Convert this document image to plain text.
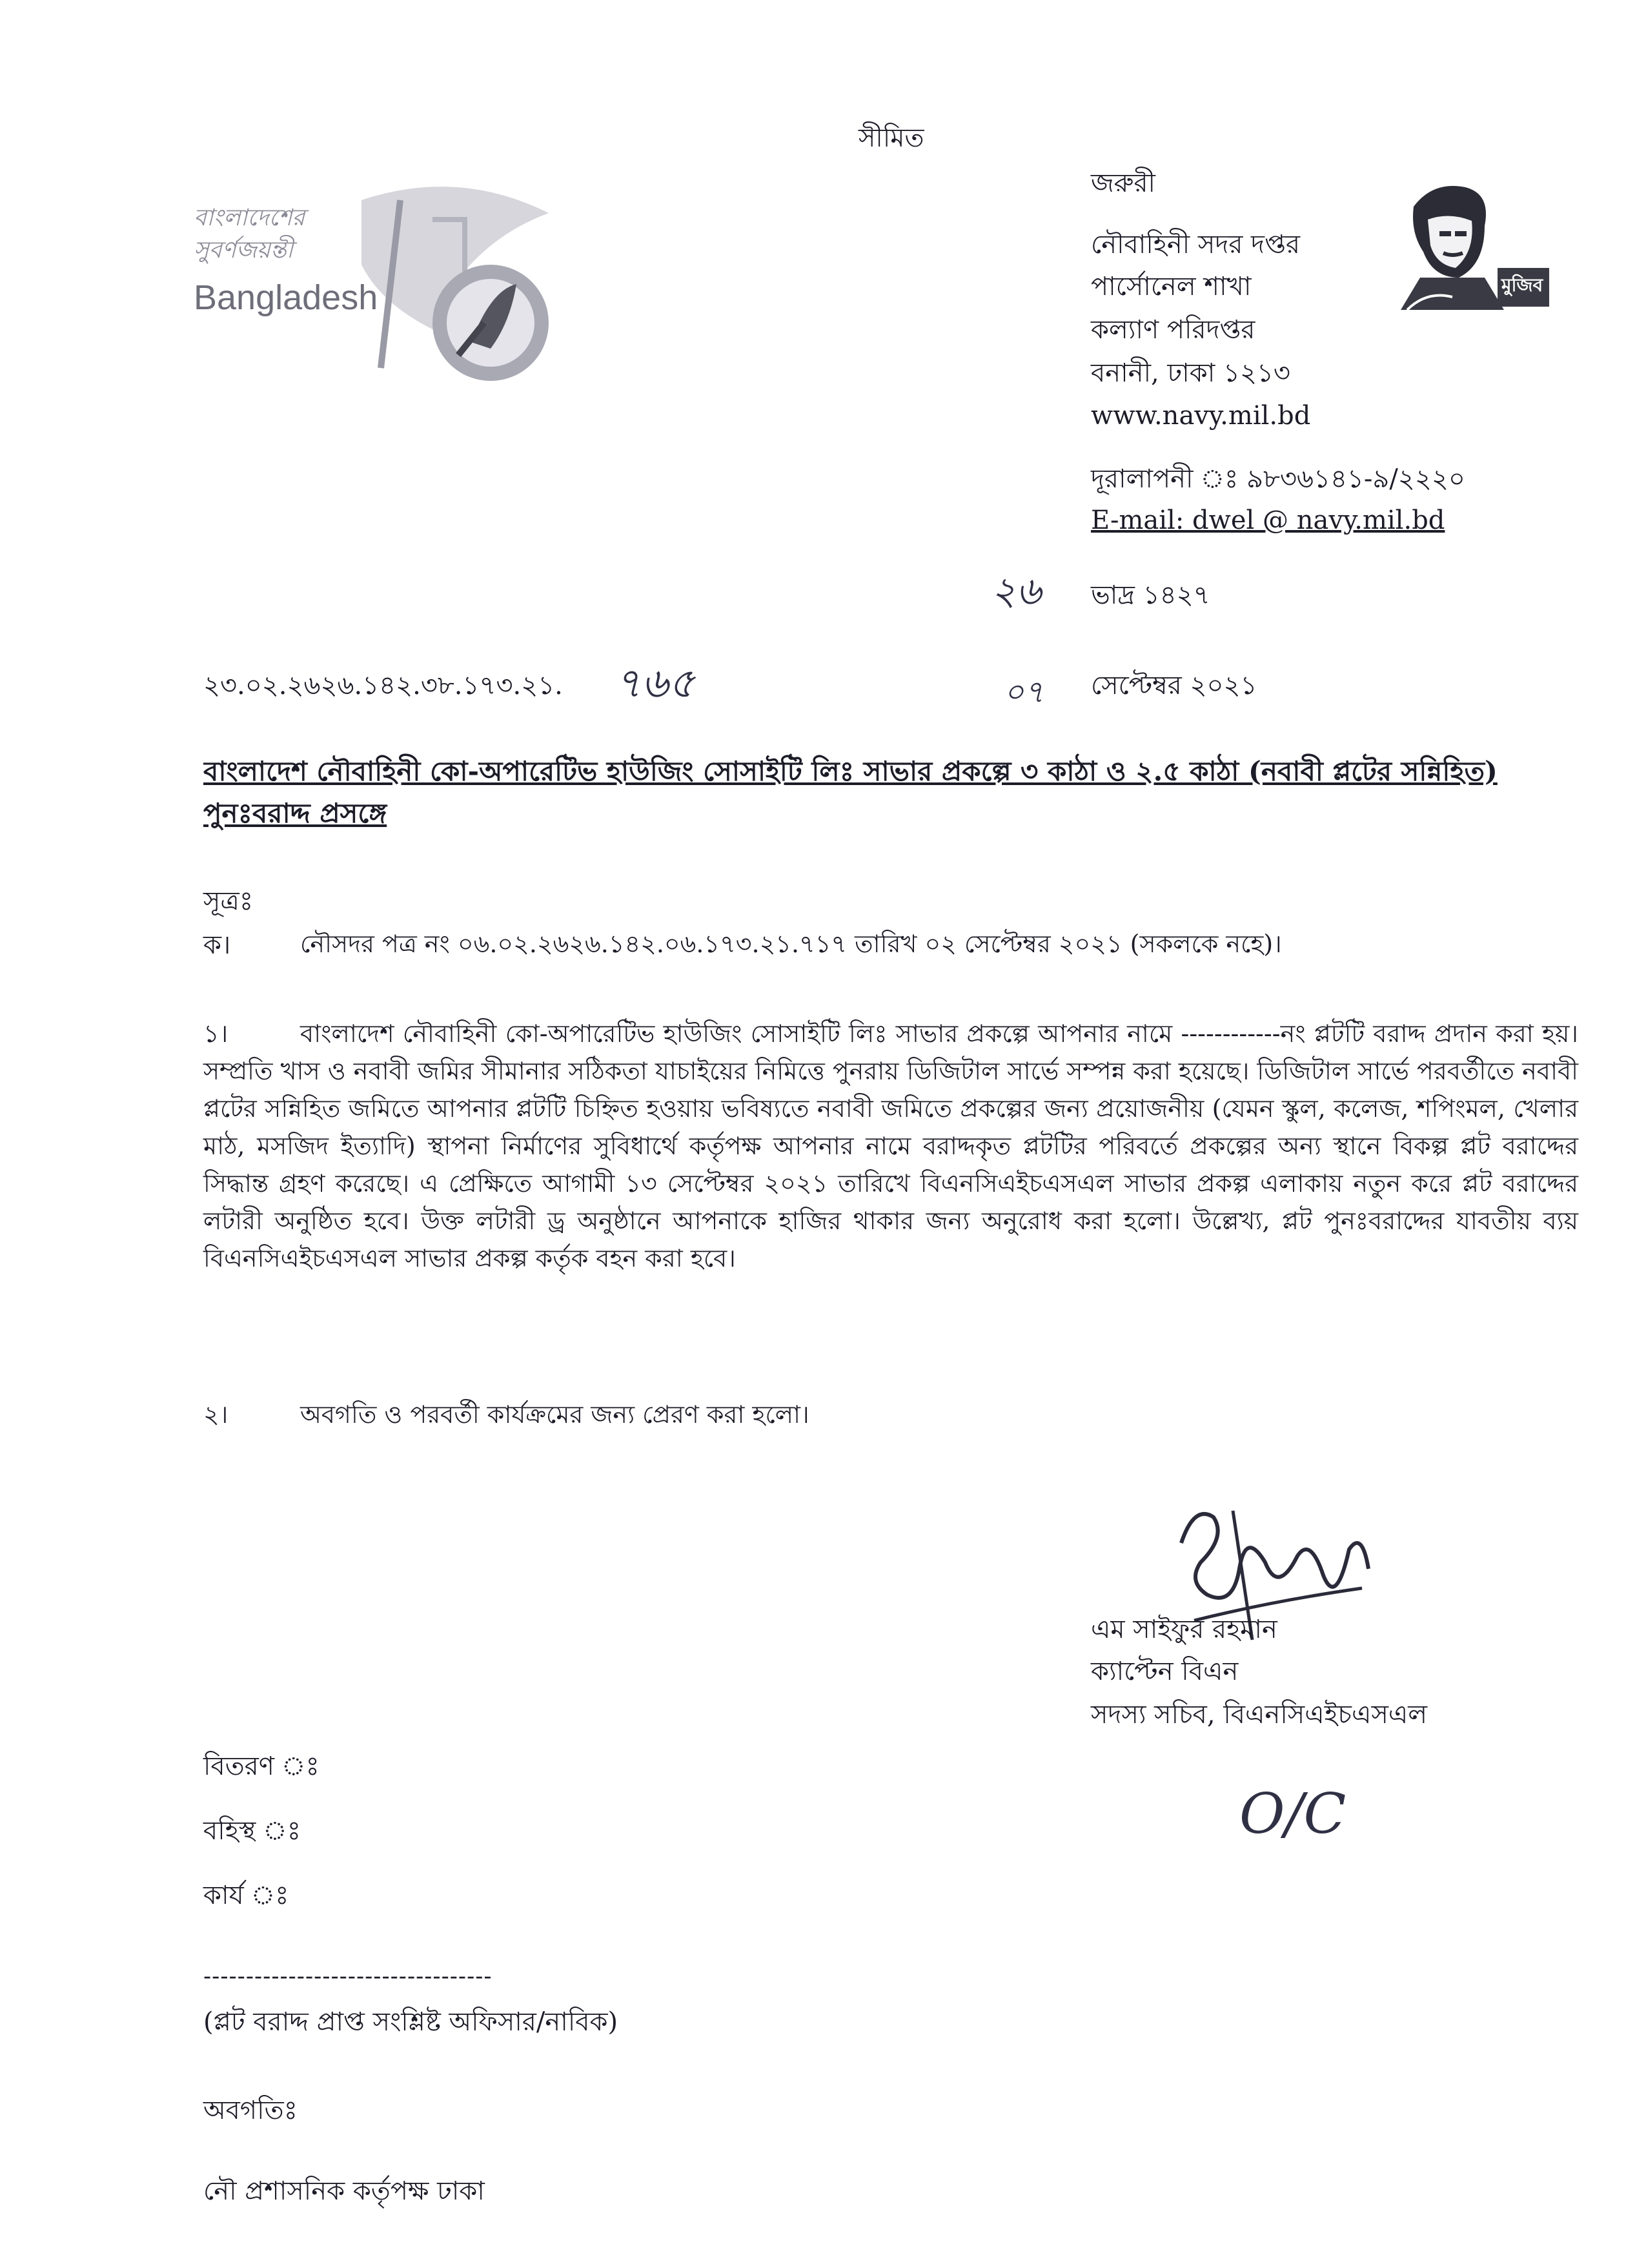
সীমিত
বাংলাদেশের
সুবর্ণজয়ন্তী
Bangladesh
জরুরী
নৌবাহিনী সদর দপ্তর
পার্সোনেল শাখা
কল্যাণ পরিদপ্তর
বনানী, ঢাকা ১২১৩
www.navy.mil.bd
দূরালাপনী ঃ ৯৮৩৬১৪১-৯/২২২০
E-mail: dwel @ navy.mil.bd
মুজিব
২৬ ভাদ্র ১৪২৭
২৩.০২.২৬২৬.১৪২.৩৮.১৭৩.২১. ৭৬৫	০৭ সেপ্টেম্বর ২০২১
বাংলাদেশ নৌবাহিনী কো-অপারেটিভ হাউজিং সোসাইটি লিঃ সাভার প্রকল্পে ৩ কাঠা ও ২.৫ কাঠা (নবাবী প্লটের সন্নিহিত)
পুনঃবরাদ্দ প্রসঙ্গে
সূত্রঃ
ক।	নৌসদর পত্র নং ০৬.০২.২৬২৬.১৪২.০৬.১৭৩.২১.৭১৭ তারিখ ০২ সেপ্টেম্বর ২০২১ (সকলকে নহে)।
১।	বাংলাদেশ নৌবাহিনী কো-অপারেটিভ হাউজিং সোসাইটি লিঃ সাভার প্রকল্পে আপনার নামে ------------নং প্লটটি বরাদ্দ প্রদান করা হয়। সম্প্রতি খাস ও নবাবী জমির সীমানার সঠিকতা যাচাইয়ের নিমিত্তে পুনরায় ডিজিটাল সার্ভে সম্পন্ন করা হয়েছে। ডিজিটাল সার্ভে পরবর্তীতে নবাবী প্লটের সন্নিহিত জমিতে আপনার প্লটটি চিহ্নিত হওয়ায় ভবিষ্যতে নবাবী জমিতে প্রকল্পের জন্য প্রয়োজনীয় (যেমন স্কুল, কলেজ, শপিংমল, খেলার মাঠ, মসজিদ ইত্যাদি) স্থাপনা নির্মাণের সুবিধার্থে কর্তৃপক্ষ আপনার নামে বরাদ্দকৃত প্লটটির পরিবর্তে প্রকল্পের অন্য স্থানে বিকল্প প্লট বরাদ্দের সিদ্ধান্ত গ্রহণ করেছে। এ প্রেক্ষিতে আগামী ১৩ সেপ্টেম্বর ২০২১ তারিখে বিএনসিএইচএসএল সাভার প্রকল্প এলাকায় নতুন করে প্লট বরাদ্দের লটারী অনুষ্ঠিত হবে। উক্ত লটারী ড্র অনুষ্ঠানে আপনাকে হাজির থাকার জন্য অনুরোধ করা হলো। উল্লেখ্য, প্লট পুনঃবরাদ্দের যাবতীয় ব্যয় বিএনসিএইচএসএল সাভার প্রকল্প কর্তৃক বহন করা হবে।
২।	অবগতি ও পরবর্তী কার্যক্রমের জন্য প্রেরণ করা হলো।
এম সাইফুর রহমান
ক্যাপ্টেন বিএন
সদস্য সচিব, বিএনসিএইচএসএল
O/C
বিতরণ ঃ
বহিস্থ ঃ
কার্য ঃ
----------------------------------
(প্লট বরাদ্দ প্রাপ্ত সংশ্লিষ্ট অফিসার/নাবিক)
অবগতিঃ
নৌ প্রশাসনিক কর্তৃপক্ষ ঢাকা
